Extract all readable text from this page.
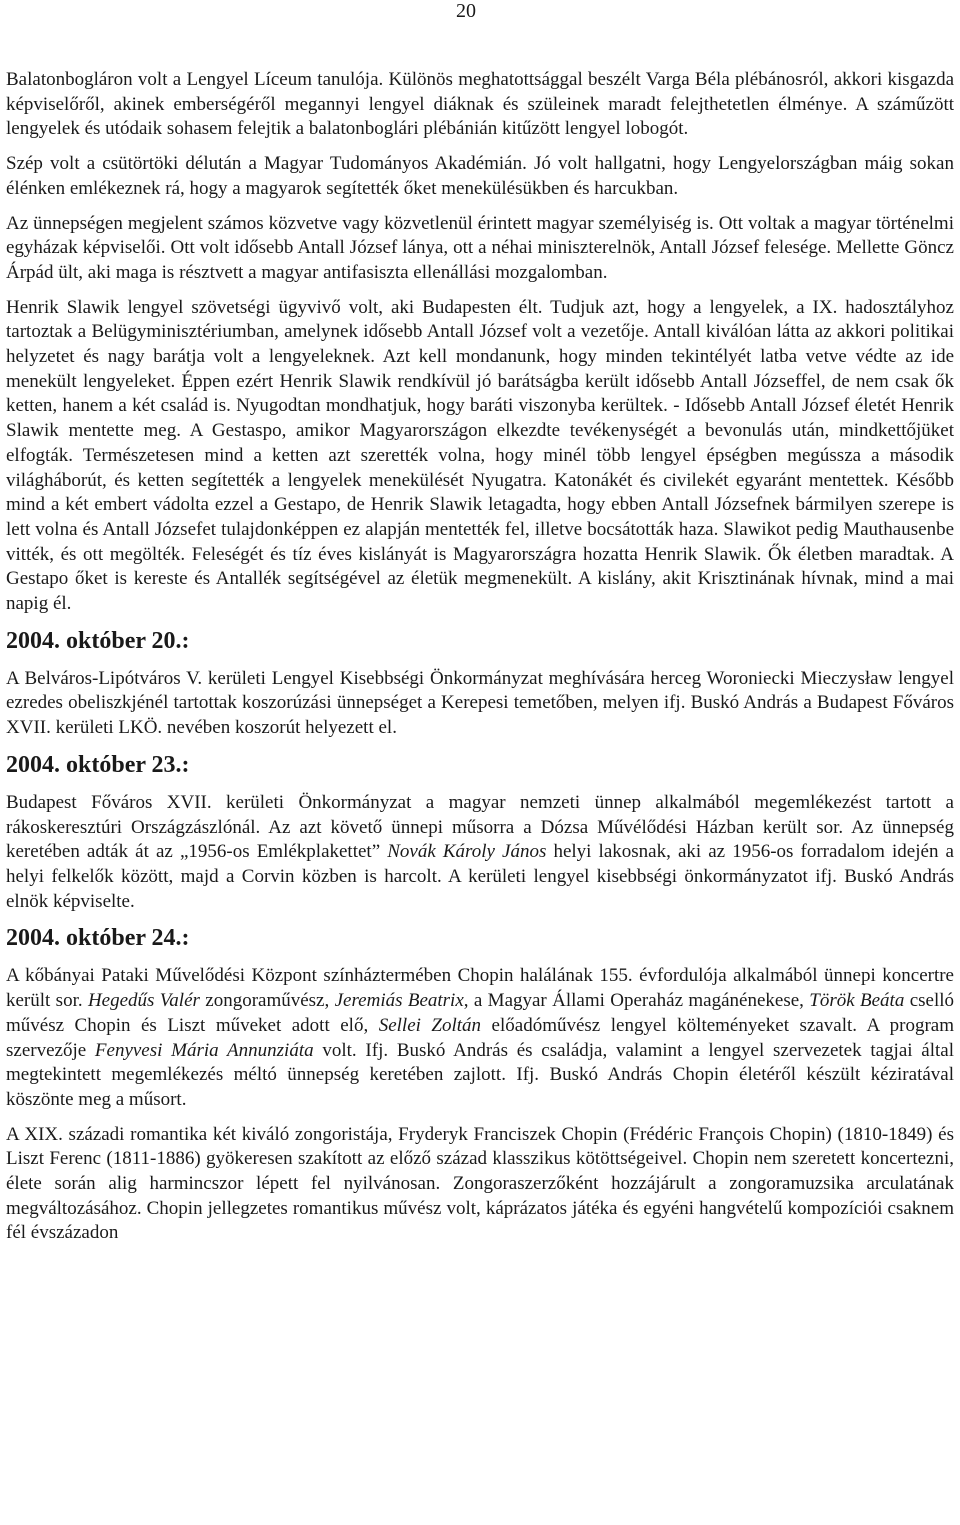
20

Balatonbogláron volt a Lengyel Líceum tanulója. Különös meghatottsággal beszélt Varga Béla plébánosról, akkori kisgazda képviselőről, akinek emberségéről megannyi lengyel diáknak és szüleinek maradt felejthetetlen élménye. A száműzött lengyelek és utódaik sohasem felejtik a balatonboglári plébánián kitűzött lengyel lobogót.

Szép volt a csütörtöki délután a Magyar Tudományos Akadémián. Jó volt hallgatni, hogy Lengyelországban máig sokan élénken emlékeznek rá, hogy a magyarok segítették őket menekülésükben és harcukban.

Az ünnepségen megjelent számos közvetve vagy közvetlenül érintett magyar személyiség is. Ott voltak a magyar történelmi egyházak képviselői. Ott volt idősebb Antall József lánya, ott a néhai miniszterelnök, Antall József felesége. Mellette Göncz Árpád ült, aki maga is résztvett a magyar antifasiszta ellenállási mozgalomban.

Henrik Slawik lengyel szövetségi ügyvivő volt, aki Budapesten élt. Tudjuk azt, hogy a lengyelek, a IX. hadosztályhoz tartoztak a Belügyminisztériumban, amelynek idősebb Antall József volt a vezetője. Antall kiválóan látta az akkori politikai helyzetet és nagy barátja volt a lengyeleknek. Azt kell mondanunk, hogy minden tekintélyét latba vetve védte az ide menekült lengyeleket. Éppen ezért Henrik Slawik rendkívül jó barátságba került idősebb Antall Józseffel, de nem csak ők ketten, hanem a két család is. Nyugodtan mondhatjuk, hogy baráti viszonyba kerültek. - Idősebb Antall József életét Henrik Slawik mentette meg. A Gestaspo, amikor Magyarországon elkezdte tevékenységét a bevonulás után, mindkettőjüket elfogták. Természetesen mind a ketten azt szerették volna, hogy minél több lengyel épségben megússza a második világháborút, és ketten segítették a lengyelek menekülését Nyugatra. Katonákét és civilekét egyaránt mentettek. Később mind a két embert vádolta ezzel a Gestapo, de Henrik Slawik letagadta, hogy ebben Antall Józsefnek bármilyen szerepe is lett volna és Antall Józsefet tulajdonképpen ez alapján mentették fel, illetve bocsátották haza. Slawikot pedig Mauthausenbe vitték, és ott megölték. Feleségét és tíz éves kislányát is Magyarországra hozatta Henrik Slawik. Ők életben maradtak. A Gestapo őket is kereste és Antallék segítségével az életük megmenekült. A kislány, akit Krisztinának hívnak, mind a mai napig él.

2004. október 20.:

A Belváros-Lipótváros V. kerületi Lengyel Kisebbségi Önkormányzat meghívására herceg Woroniecki Mieczysław lengyel ezredes obeliszkjénél tartottak koszorúzási ünnepséget a Kerepesi temetőben, melyen ifj. Buskó András a Budapest Főváros XVII. kerületi LKÖ. nevében koszorút helyezett el.

2004. október 23.:

Budapest Főváros XVII. kerületi Önkormányzat a magyar nemzeti ünnep alkalmából megemlékezést tartott a rákoskeresztúri Országzászlónál. Az azt követő ünnepi műsorra a Dózsa Művélődési Házban került sor. Az ünnepség keretében adták át az „1956-os Emlékplakettet” Novák Károly János helyi lakosnak, aki az 1956-os forradalom idején a helyi felkelők között, majd a Corvin közben is harcolt. A kerületi lengyel kisebbségi önkormányzatot ifj. Buskó András elnök képviselte.

2004. október 24.:

A kőbányai Pataki Művelődési Központ színháztermében Chopin halálának 155. évfordulója alkalmából ünnepi koncertre került sor. Hegedűs Valér zongoraművész, Jeremiás Beatrix, a Magyar Állami Operaház magánénekese, Török Beáta cselló művész Chopin és Liszt műveket adott elő, Sellei Zoltán előadóművész lengyel költeményeket szavalt. A program szervezője Fenyvesi Mária Annunziáta volt. Ifj. Buskó András és családja, valamint a lengyel szervezetek tagjai által megtekintett megemlékezés méltó ünnepség keretében zajlott. Ifj. Buskó András Chopin életéről készült kéziratával köszönte meg a műsort.

A XIX. századi romantika két kiváló zongoristája, Fryderyk Franciszek Chopin (Frédéric François Chopin) (1810-1849) és Liszt Ferenc (1811-1886) gyökeresen szakított az előző század klasszikus kötöttségeivel. Chopin nem szeretett koncertezni, élete során alig harmincszor lépett fel nyilvánosan. Zongoraszerzőként hozzájárult a zongoramuzsika arculatának megváltozásához. Chopin jellegzetes romantikus művész volt, káprázatos játéka és egyéni hangvételű kompozíciói csaknem fél évszázadon
